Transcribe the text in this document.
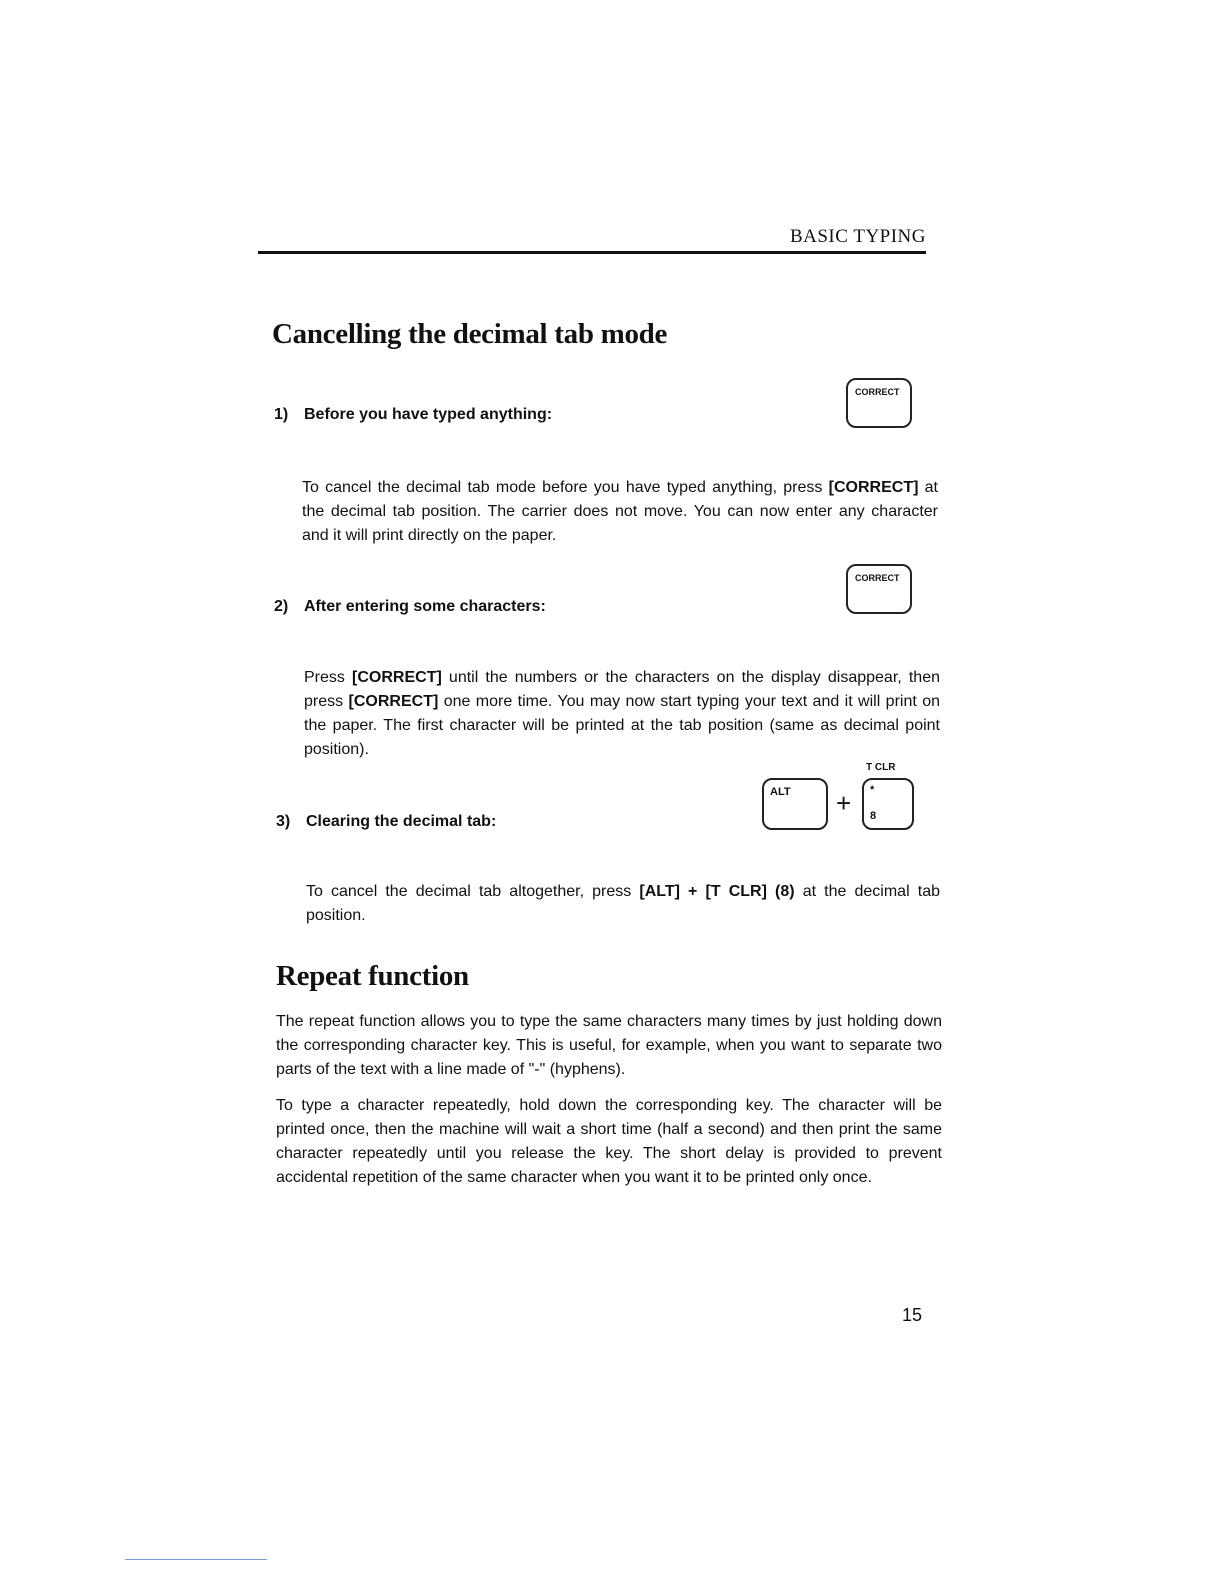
BASIC TYPING
Cancelling the decimal tab mode
1) Before you have typed anything:
CORRECT
To cancel the decimal tab mode before you have typed anything, press [CORRECT] at the decimal tab position. The carrier does not move. You can now enter any character and it will print directly on the paper.
2) After entering some characters:
CORRECT
Press [CORRECT] until the numbers or the characters on the display disappear, then press [CORRECT] one more time. You may now start typing your text and it will print on the paper. The first character will be printed at the tab position (same as decimal point position).
3) Clearing the decimal tab:
ALT +
T CLR
*
8
To cancel the decimal tab altogether, press [ALT] + [T CLR] (8) at the decimal tab position.
Repeat function
The repeat function allows you to type the same characters many times by just holding down the corresponding character key. This is useful, for example, when you want to separate two parts of the text with a line made of "-" (hyphens).
To type a character repeatedly, hold down the corresponding key. The character will be printed once, then the machine will wait a short time (half a second) and then print the same character repeatedly until you release the key. The short delay is provided to prevent accidental repetition of the same character when you want it to be printed only once.
15
